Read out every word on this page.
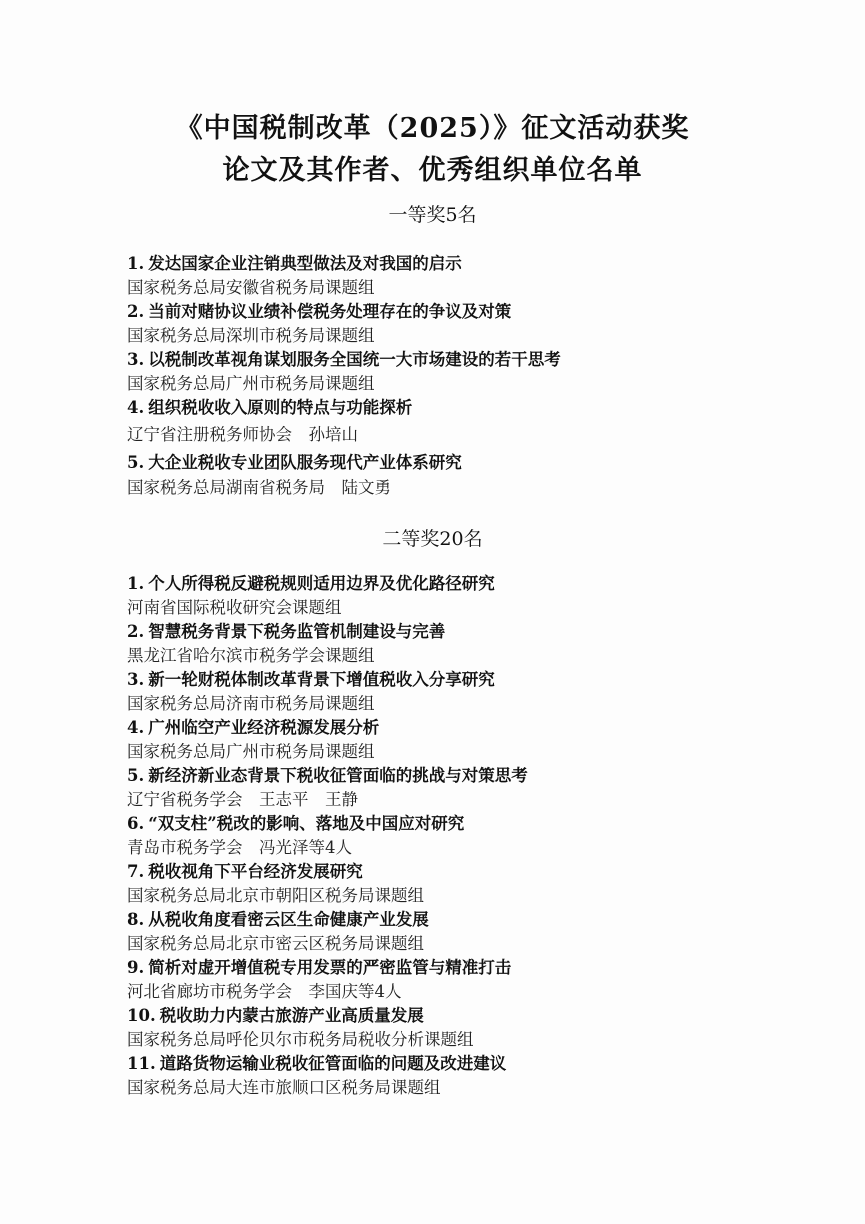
《中国税制改革（2025）》征文活动获奖
论文及其作者、优秀组织单位名单
一等奖5名
1. 发达国家企业注销典型做法及对我国的启示
国家税务总局安徽省税务局课题组
2. 当前对赌协议业绩补偿税务处理存在的争议及对策
国家税务总局深圳市税务局课题组
3. 以税制改革视角谋划服务全国统一大市场建设的若干思考
国家税务总局广州市税务局课题组
4. 组织税收收入原则的特点与功能探析
辽宁省注册税务师协会　孙培山
5. 大企业税收专业团队服务现代产业体系研究
国家税务总局湖南省税务局　陆文勇
二等奖20名
1. 个人所得税反避税规则适用边界及优化路径研究
河南省国际税收研究会课题组
2. 智慧税务背景下税务监管机制建设与完善
黑龙江省哈尔滨市税务学会课题组
3. 新一轮财税体制改革背景下增值税收入分享研究
国家税务总局济南市税务局课题组
4. 广州临空产业经济税源发展分析
国家税务总局广州市税务局课题组
5. 新经济新业态背景下税收征管面临的挑战与对策思考
辽宁省税务学会　王志平　王静
6. “双支柱”税改的影响、落地及中国应对研究
青岛市税务学会　冯光泽等4人
7. 税收视角下平台经济发展研究
国家税务总局北京市朝阳区税务局课题组
8. 从税收角度看密云区生命健康产业发展
国家税务总局北京市密云区税务局课题组
9. 简析对虚开增值税专用发票的严密监管与精准打击
河北省廊坊市税务学会　李国庆等4人
10. 税收助力内蒙古旅游产业高质量发展
国家税务总局呼伦贝尔市税务局税收分析课题组
11. 道路货物运输业税收征管面临的问题及改进建议
国家税务总局大连市旅顺口区税务局课题组
